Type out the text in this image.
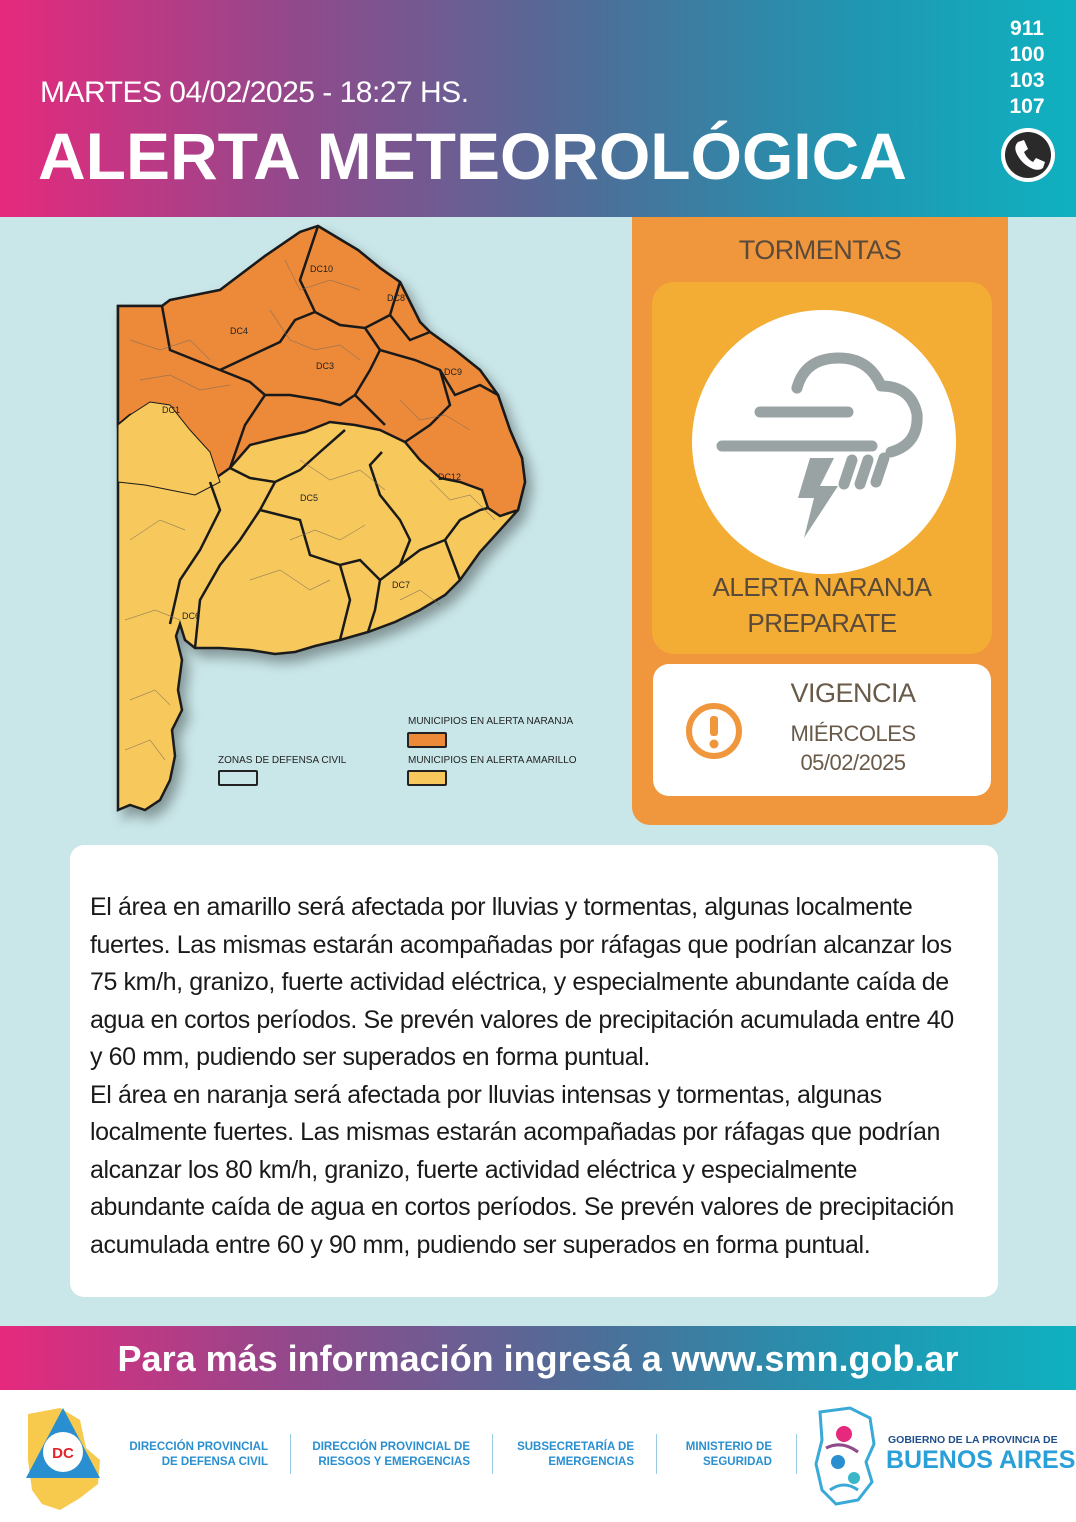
MARTES 04/02/2025 - 18:27 HS.
ALERTA METEOROLÓGICA
911
100
103
107
DC10
DC8
DC4
DC3
DC9
DC1
DC12
DC5
DC7
DC6
MUNICIPIOS EN ALERTA NARANJA
ZONAS DE DEFENSA CIVIL	MUNICIPIOS EN ALERTA AMARILLO
TORMENTAS
ALERTA NARANJA
PREPARATE
VIGENCIA
MIÉRCOLES
05/02/2025

El área en amarillo será afectada por lluvias y tormentas, algunas localmente fuertes. Las mismas estarán acompañadas por ráfagas que podrían alcanzar los 75 km/h, granizo, fuerte actividad eléctrica, y especialmente abundante caída de agua en cortos períodos. Se prevén valores de precipitación acumulada entre 40 y 60 mm, pudiendo ser superados en forma puntual.

El área en naranja será afectada por lluvias intensas y tormentas, algunas localmente fuertes. Las mismas estarán acompañadas por ráfagas que podrían alcanzar los 80 km/h, granizo, fuerte actividad eléctrica y especialmente abundante caída de agua en cortos períodos. Se prevén valores de precipitación acumulada entre 60 y 90 mm, pudiendo ser superados en forma puntual.

Para más información ingresá a www.smn.gob.ar
DC	DIRECCIÓN PROVINCIAL
DE DEFENSA CIVIL
DIRECCIÓN PROVINCIAL DE
RIESGOS Y EMERGENCIAS
SUBSECRETARÍA DE
EMERGENCIAS
MINISTERIO DE
SEGURIDAD
GOBIERNO DE LA PROVINCIA DE
BUENOS AIRES
